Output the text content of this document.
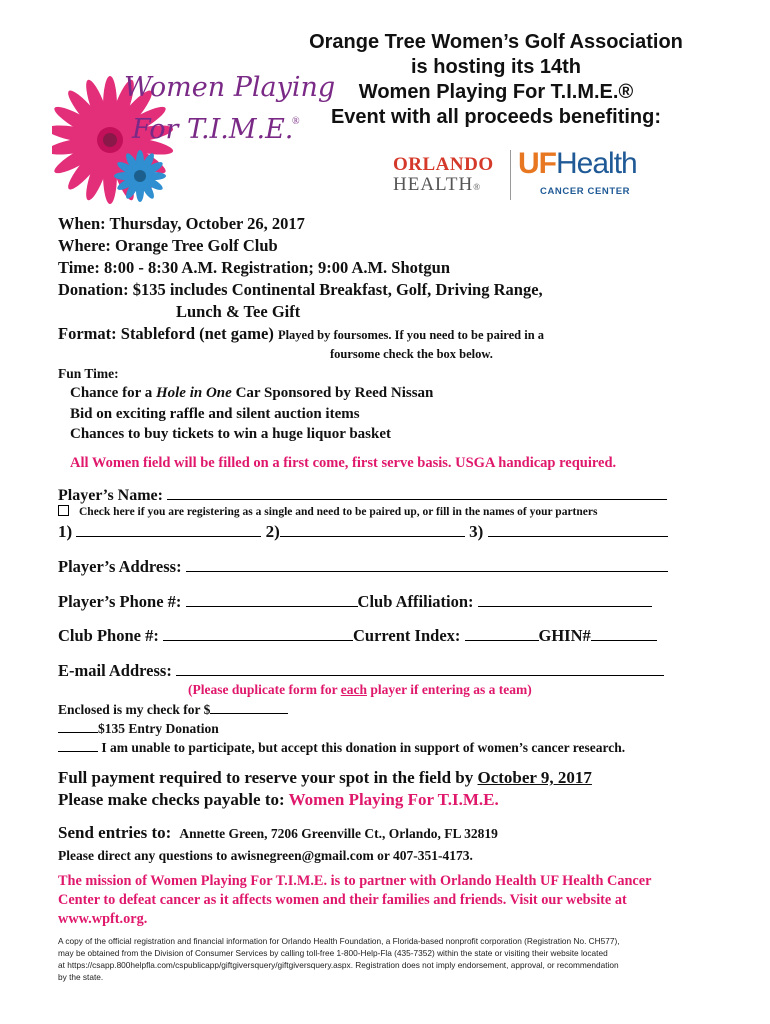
Women Playing
For T.I.M.E.
®
Orange Tree Women’s Golf Association
is hosting its 14th
Women Playing For T.I.M.E.®
Event with all proceeds benefiting:
ORLANDO
HEALTH®
UFHealth
CANCER CENTER
When: Thursday, October 26, 2017
Where: Orange Tree Golf Club
Time: 8:00 - 8:30 A.M. Registration; 9:00 A.M. Shotgun
Donation: $135 includes Continental Breakfast, Golf, Driving Range,
Lunch & Tee Gift
Format: Stableford (net game) Played by foursomes. If you need to be paired in a
foursome check the box below.
Fun Time:
Chance for a Hole in One Car Sponsored by Reed Nissan
Bid on exciting raffle and silent auction items
Chances to buy tickets to win a huge liquor basket
All Women field will be filled on a first come, first serve basis. USGA handicap required.
Player’s Name:
Check here if you are registering as a single and need to be paired up, or fill in the names of your partners
1)	2)	3)
Player’s Address:
Player’s Phone #:	Club Affiliation:
Club Phone #:	Current Index:	GHIN#
E-mail Address:
(Please duplicate form for each player if entering as a team)
Enclosed is my check for $
$135 Entry Donation
I am unable to participate, but accept this donation in support of women’s cancer research.
Full payment required to reserve your spot in the field by October 9, 2017
Please make checks payable to: Women Playing For T.I.M.E.
Send entries to: Annette Green, 7206 Greenville Ct., Orlando, FL 32819
Please direct any questions to awisnegreen@gmail.com or 407-351-4173.
The mission of Women Playing For T.I.M.E. is to partner with Orlando Health UF Health Cancer
Center to defeat cancer as it affects women and their families and friends. Visit our website at
www.wpft.org.
A copy of the official registration and financial information for Orlando Health Foundation, a Florida-based nonprofit corporation (Registration No. CH577),
may be obtained from the Division of Consumer Services by calling toll-free 1-800-Help-Fla (435-7352) within the state or visiting their website located
at https://csapp.800helpfla.com/cspublicapp/giftgiversquery/giftgiversquery.aspx. Registration does not imply endorsement, approval, or recommendation
by the state.
